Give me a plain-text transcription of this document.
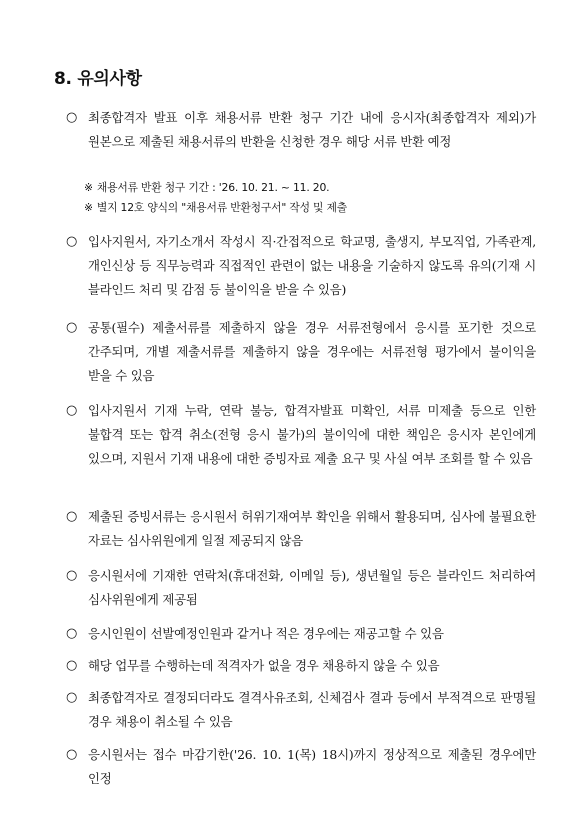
8. 유의사항
○ 최종합격자 발표 이후 채용서류 반환 청구 기간 내에 응시자(최종합격자 제외)가 원본으로 제출된 채용서류의 반환을 신청한 경우 해당 서류 반환 예정
※ 채용서류 반환 청구 기간 : '26. 10. 21. ~ 11. 20.
※ 별지 12호 양식의 "채용서류 반환청구서" 작성 및 제출
○ 입사지원서, 자기소개서 작성시 직·간접적으로 학교명, 출생지, 부모직업, 가족관계, 개인신상 등 직무능력과 직접적인 관련이 없는 내용을 기술하지 않도록 유의(기재 시 블라인드 처리 및 감점 등 불이익을 받을 수 있음)
○ 공통(필수) 제출서류를 제출하지 않을 경우 서류전형에서 응시를 포기한 것으로 간주되며, 개별 제출서류를 제출하지 않을 경우에는 서류전형 평가에서 불이익을 받을 수 있음
○ 입사지원서 기재 누락, 연락 불능, 합격자발표 미확인, 서류 미제출 등으로 인한 불합격 또는 합격 취소(전형 응시 불가)의 불이익에 대한 책임은 응시자 본인에게 있으며, 지원서 기재 내용에 대한 증빙자료 제출 요구 및 사실 여부 조회를 할 수 있음
○ 제출된 증빙서류는 응시원서 허위기재여부 확인을 위해서 활용되며, 심사에 불필요한 자료는 심사위원에게 일절 제공되지 않음
○ 응시원서에 기재한 연락처(휴대전화, 이메일 등), 생년월일 등은 블라인드 처리하여 심사위원에게 제공됨
○ 응시인원이 선발예정인원과 같거나 적은 경우에는 재공고할 수 있음
○ 해당 업무를 수행하는데 적격자가 없을 경우 채용하지 않을 수 있음
○ 최종합격자로 결정되더라도 결격사유조회, 신체검사 결과 등에서 부적격으로 판명될 경우 채용이 취소될 수 있음
○ 응시원서는 접수 마감기한('26. 10. 1(목) 18시)까지 정상적으로 제출된 경우에만 인정
